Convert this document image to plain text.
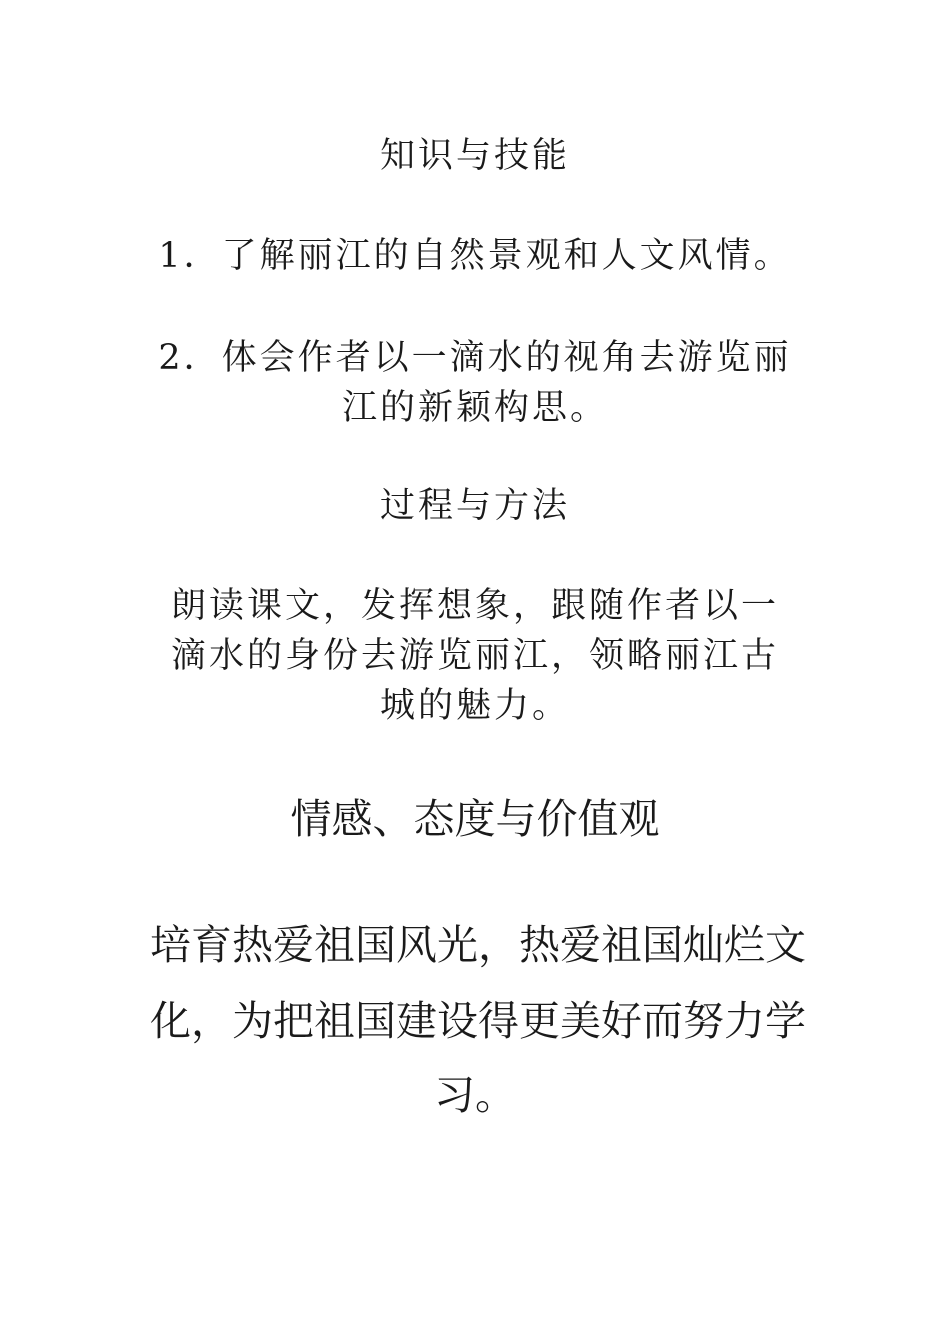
知识与技能

1．了解丽江的自然景观和人文风情。

2．体会作者以一滴水的视角去游览丽

江的新颖构思。

过程与方法

朗读课文，发挥想象，跟随作者以一

滴水的身份去游览丽江，领略丽江古

城的魅力。

情感、态度与价值观

培育热爱祖国风光，热爱祖国灿烂文

化，为把祖国建设得更美好而努力学

习。
